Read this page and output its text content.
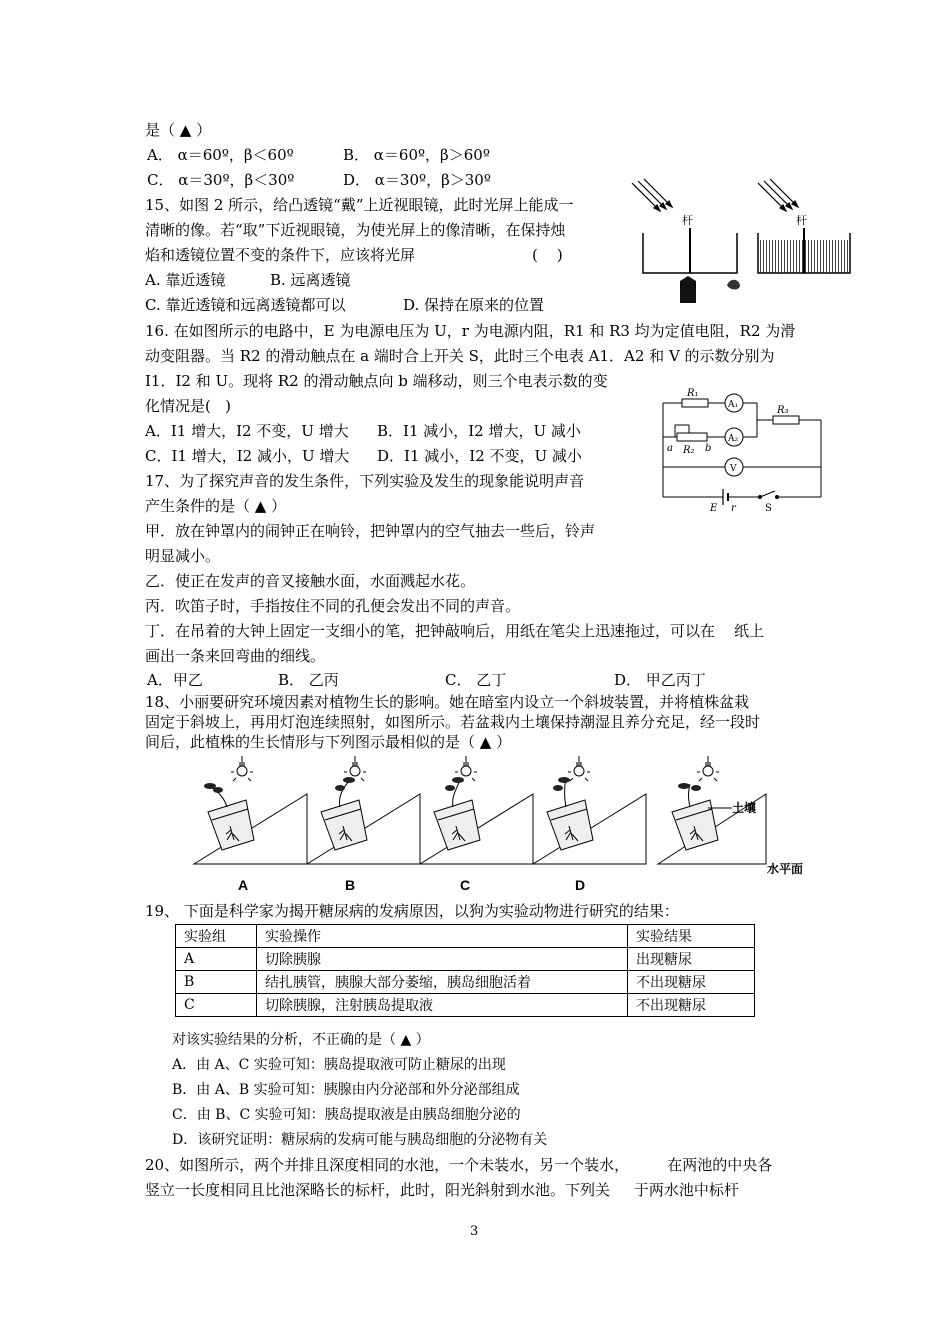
是（ ▲ ）
A． α＝60º，β＜60º	B． α＝60º，β＞60º
C． α＝30º，β＜30º	D． α＝30º，β＞30º
15、如图 2 所示，给凸透镜“戴”上近视眼镜，此时光屏上能成一
清晰的像。若“取”下近视眼镜，为使光屏上的像清晰，在保持烛
焰和透镜位置不变的条件下，应该将光屏	(    )
A. 靠近透镜	B. 远离透镜
C. 靠近透镜和远离透镜都可以	D. 保持在原来的位置
杆	杆
16. 在如图所示的电路中，E 为电源电压为 U，r 为电源内阻，R1 和 R3 均为定值电阻，R2 为滑
动变阻器。当 R2 的滑动触点在 a 端时合上开关 S，此时三个电表 A1．A2 和 V 的示数分别为
I1．I2 和 U。现将 R2 的滑动触点向 b 端移动，则三个电表示数的变
化情况是(   )
A．I1 增大，I2 不变，U 增大 B．I1 减小，I2 增大，U 减小
C．I1 增大，I2 减小，U 增大 D．I1 减小，I2 不变，U 减小
R₁
A₁
A₂
V
R₃
a R₂ b
E r	S
17、为了探究声音的发生条件，下列实验及发生的现象能说明声音
产生条件的是（ ▲ ）
甲．放在钟罩内的闹钟正在响铃，把钟罩内的空气抽去一些后，铃声
明显减小。
乙．使正在发声的音叉接触水面，水面溅起水花。
丙．吹笛子时，手指按住不同的孔便会发出不同的声音。
丁．在吊着的大钟上固定一支细小的笔，把钟敲响后，用纸在笔尖上迅速拖过，可以在    纸上
画出一条来回弯曲的细线。
A．甲乙	B． 乙丙	C． 乙丁	D． 甲乙丙丁
18、小丽要研究环境因素对植物生长的影响。她在暗室内设立一个斜坡装置，并将植株盆栽
固定于斜坡上，再用灯泡连续照射，如图所示。若盆栽内土壤保持潮湿且养分充足，经一段时
间后，此植株的生长情形与下列图示最相似的是（ ▲ ）
土壤
A	B	C	D
水平面
19、 下面是科学家为揭开糖尿病的发病原因，以狗为实验动物进行研究的结果：
实验组	实验操作	实验结果
A	切除胰腺	出现糖尿
B	结扎胰管，胰腺大部分萎缩，胰岛细胞活着	不出现糖尿
C	切除胰腺，注射胰岛提取液	不出现糖尿
对该实验结果的分析，不正确的是（ ▲ ）
A．由 A、C 实验可知：胰岛提取液可防止糖尿的出现
B．由 A、B 实验可知：胰腺由内分泌部和外分泌部组成
C．由 B、C 实验可知：胰岛提取液是由胰岛细胞分泌的
D．该研究证明：糖尿病的发病可能与胰岛细胞的分泌物有关
20、如图所示，两个并排且深度相同的水池，一个未装水，另一个装水，        在两池的中央各
竖立一长度相同且比池深略长的标杆，此时，阳光斜射到水池。下列关     于两水池中标杆
3
